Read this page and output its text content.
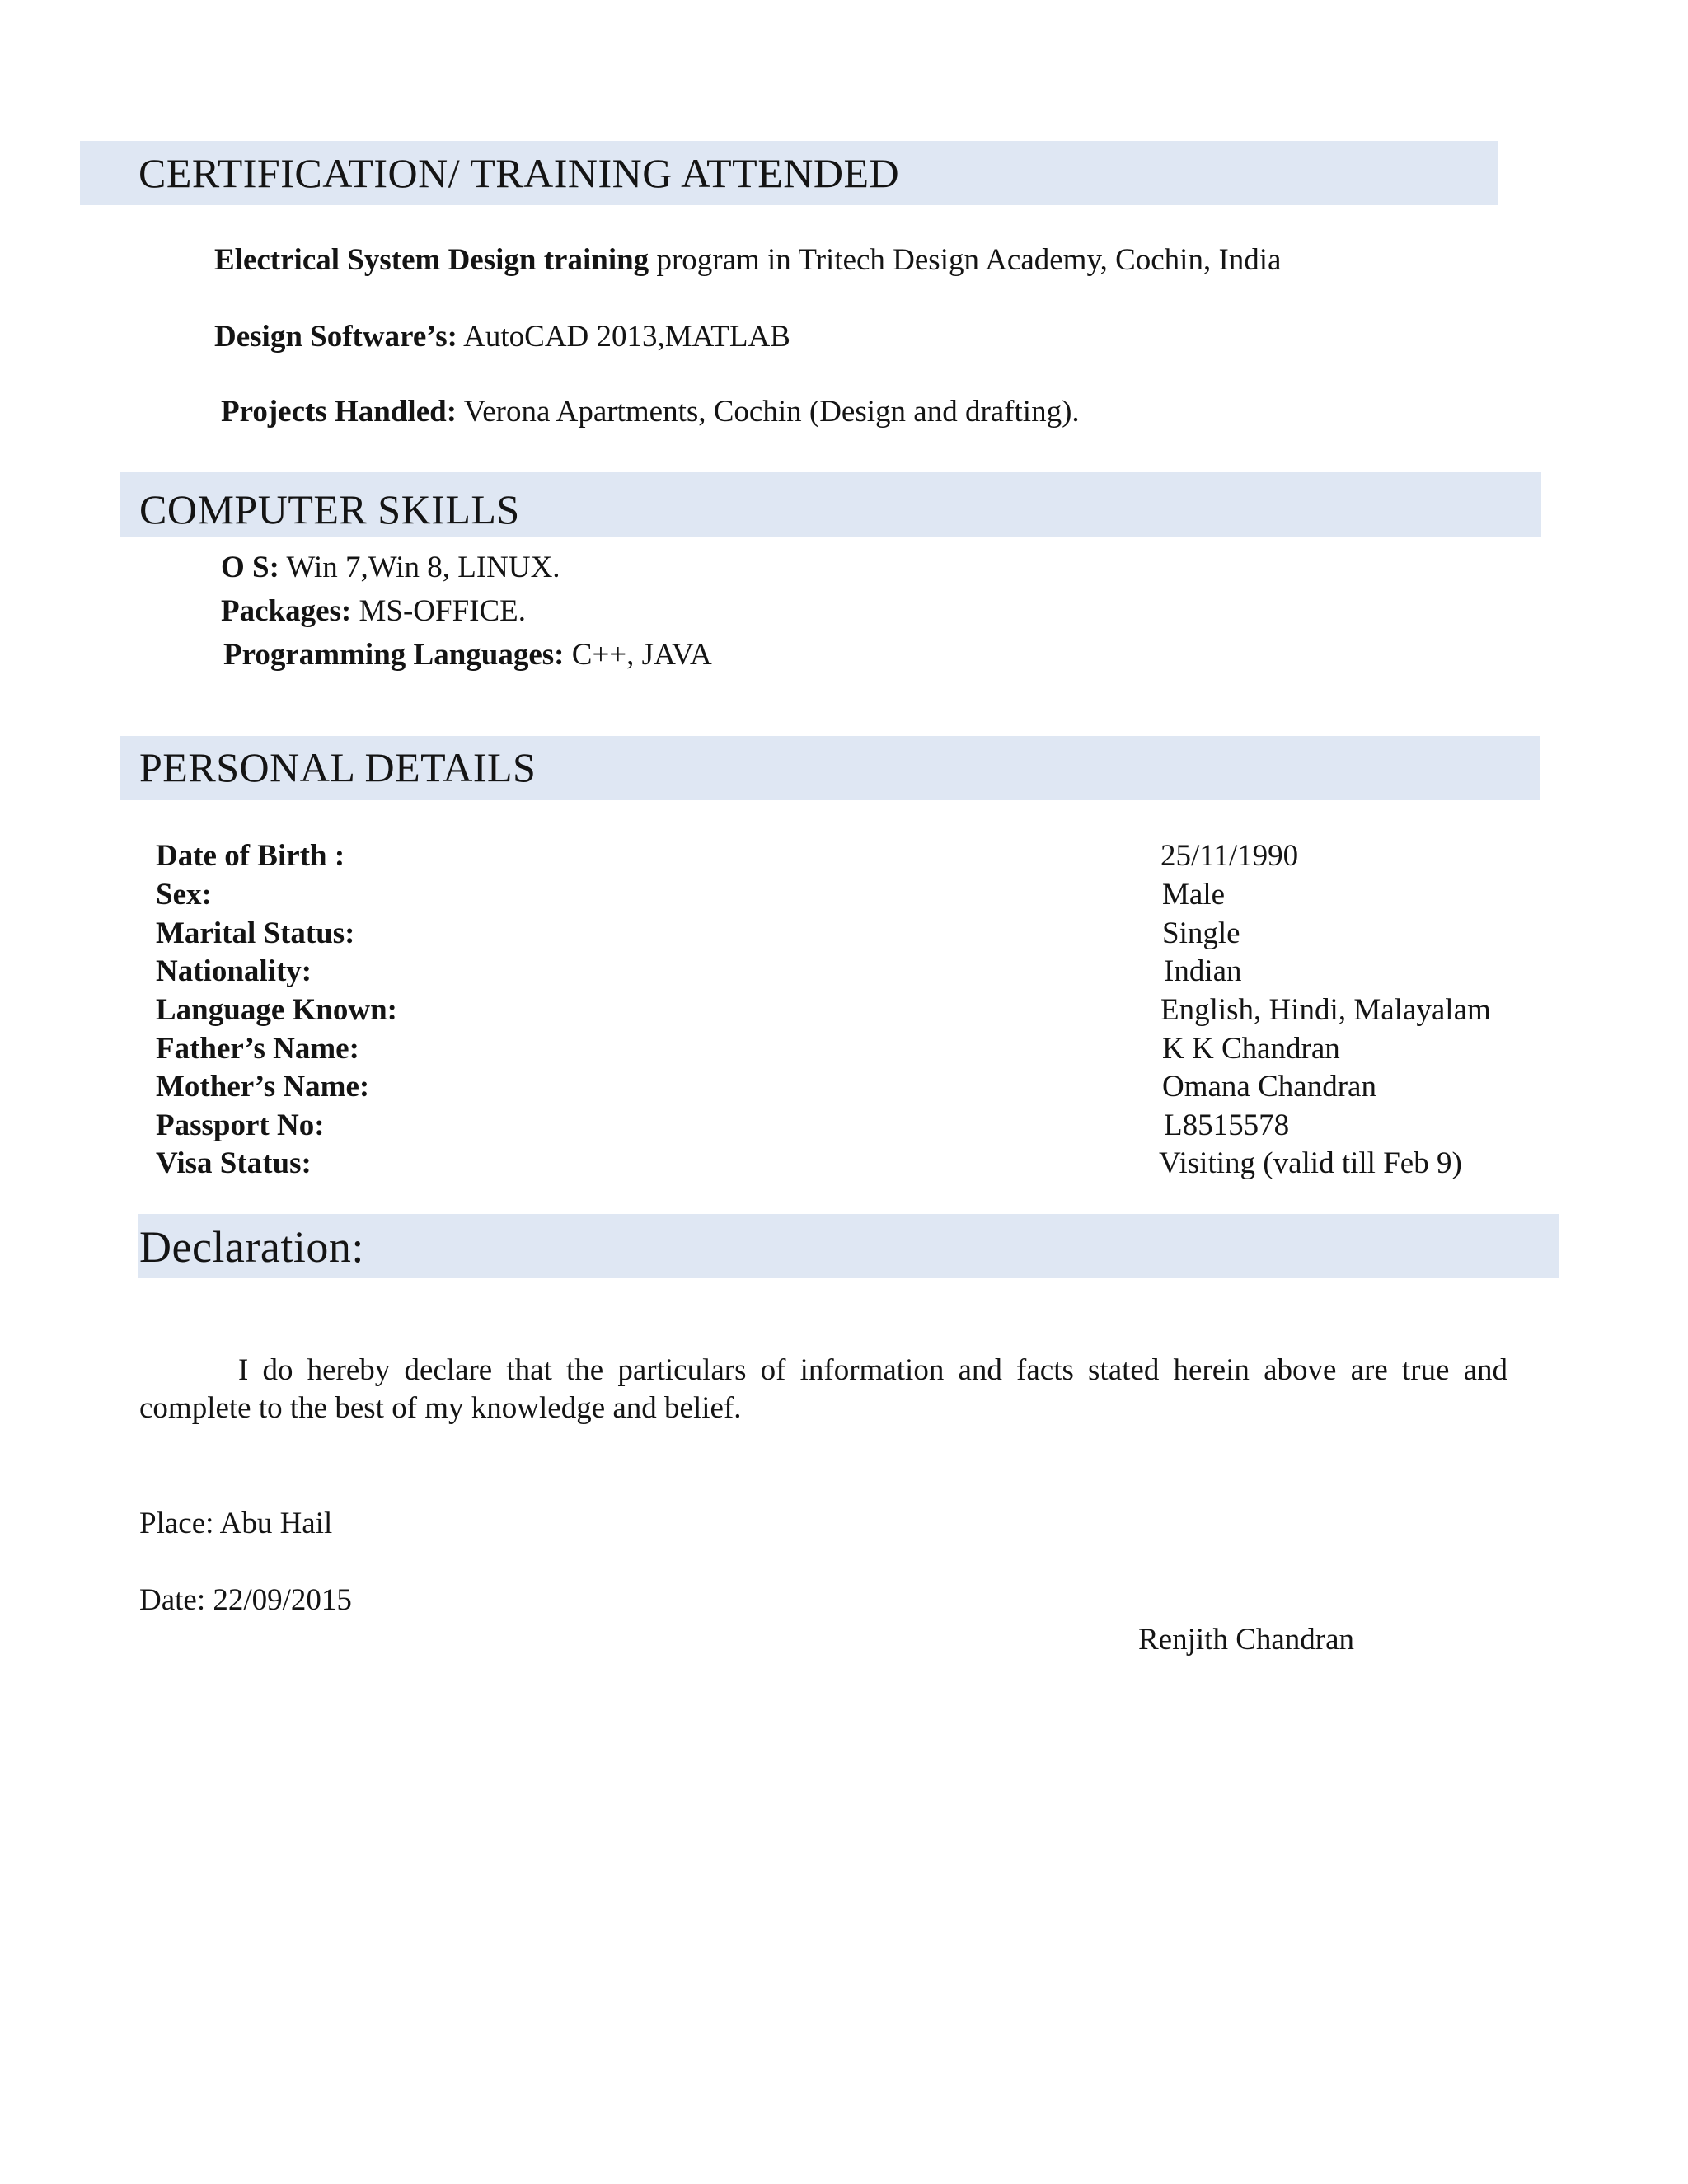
CERTIFICATION/ TRAINING ATTENDED
Electrical System Design training program in Tritech Design Academy, Cochin, India
Design Software’s: AutoCAD 2013,MATLAB
Projects Handled: Verona Apartments, Cochin (Design and drafting).
COMPUTER SKILLS
O S: Win 7,Win 8, LINUX.
Packages: MS-OFFICE.
Programming Languages: C++, JAVA
PERSONAL DETAILS
Date of Birth :	25/11/1990
Sex:	Male
Marital Status:	Single
Nationality:	Indian
Language Known:	English, Hindi, Malayalam
Father’s Name:	K K Chandran
Mother’s Name:	Omana Chandran
Passport No:	L8515578
Visa Status:	Visiting (valid till Feb 9)
Declaration:
I do hereby declare that the particulars of information and facts stated herein above are true and complete to the best of my knowledge and belief.
Place: Abu Hail
Date: 22/09/2015
Renjith Chandran
